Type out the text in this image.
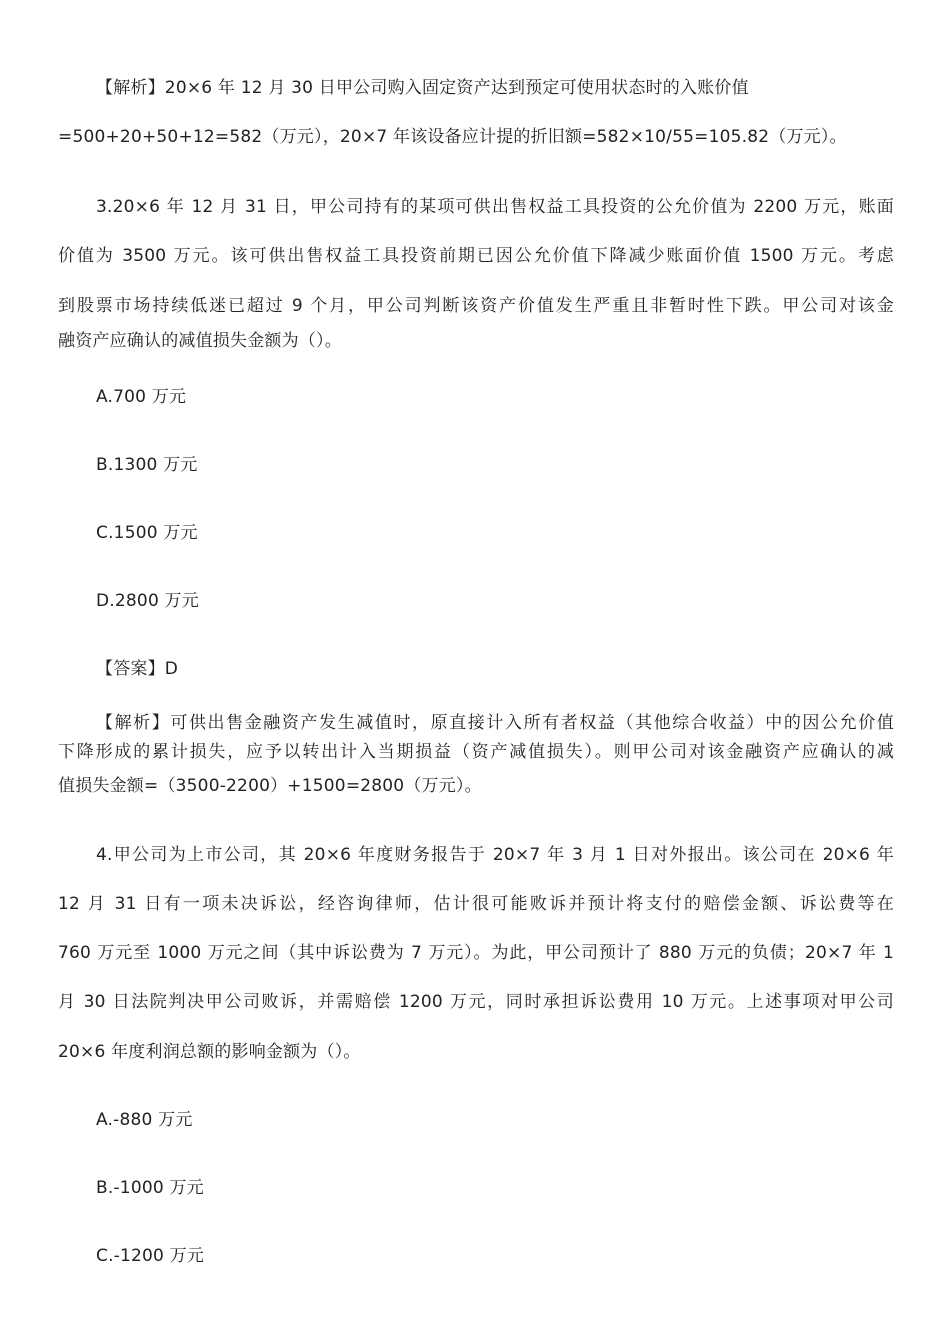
【解析】20×6 年 12 月 30 日甲公司购入固定资产达到预定可使用状态时的入账价值
=500+20+50+12=582（万元），20×7 年该设备应计提的折旧额=582×10/55=105.82（万元）。
3.20×6 年 12 月 31 日，甲公司持有的某项可供出售权益工具投资的公允价值为 2200 万元，账面
价值为 3500 万元。该可供出售权益工具投资前期已因公允价值下降减少账面价值 1500 万元。考虑
到股票市场持续低迷已超过 9 个月，甲公司判断该资产价值发生严重且非暂时性下跌。甲公司对该金
融资产应确认的减值损失金额为（）。
A.700 万元
B.1300 万元
C.1500 万元
D.2800 万元
【答案】D
【解析】可供出售金融资产发生减值时，原直接计入所有者权益（其他综合收益）中的因公允价值
下降形成的累计损失，应予以转出计入当期损益（资产减值损失）。则甲公司对该金融资产应确认的减
值损失金额=（3500-2200）+1500=2800（万元）。
4.甲公司为上市公司，其 20×6 年度财务报告于 20×7 年 3 月 1 日对外报出。该公司在 20×6 年
12 月 31 日有一项未决诉讼，经咨询律师，估计很可能败诉并预计将支付的赔偿金额、诉讼费等在
760 万元至 1000 万元之间（其中诉讼费为 7 万元）。为此，甲公司预计了 880 万元的负债；20×7 年 1
月 30 日法院判决甲公司败诉，并需赔偿 1200 万元，同时承担诉讼费用 10 万元。上述事项对甲公司
20×6 年度利润总额的影响金额为（）。
A.-880 万元
B.-1000 万元
C.-1200 万元
